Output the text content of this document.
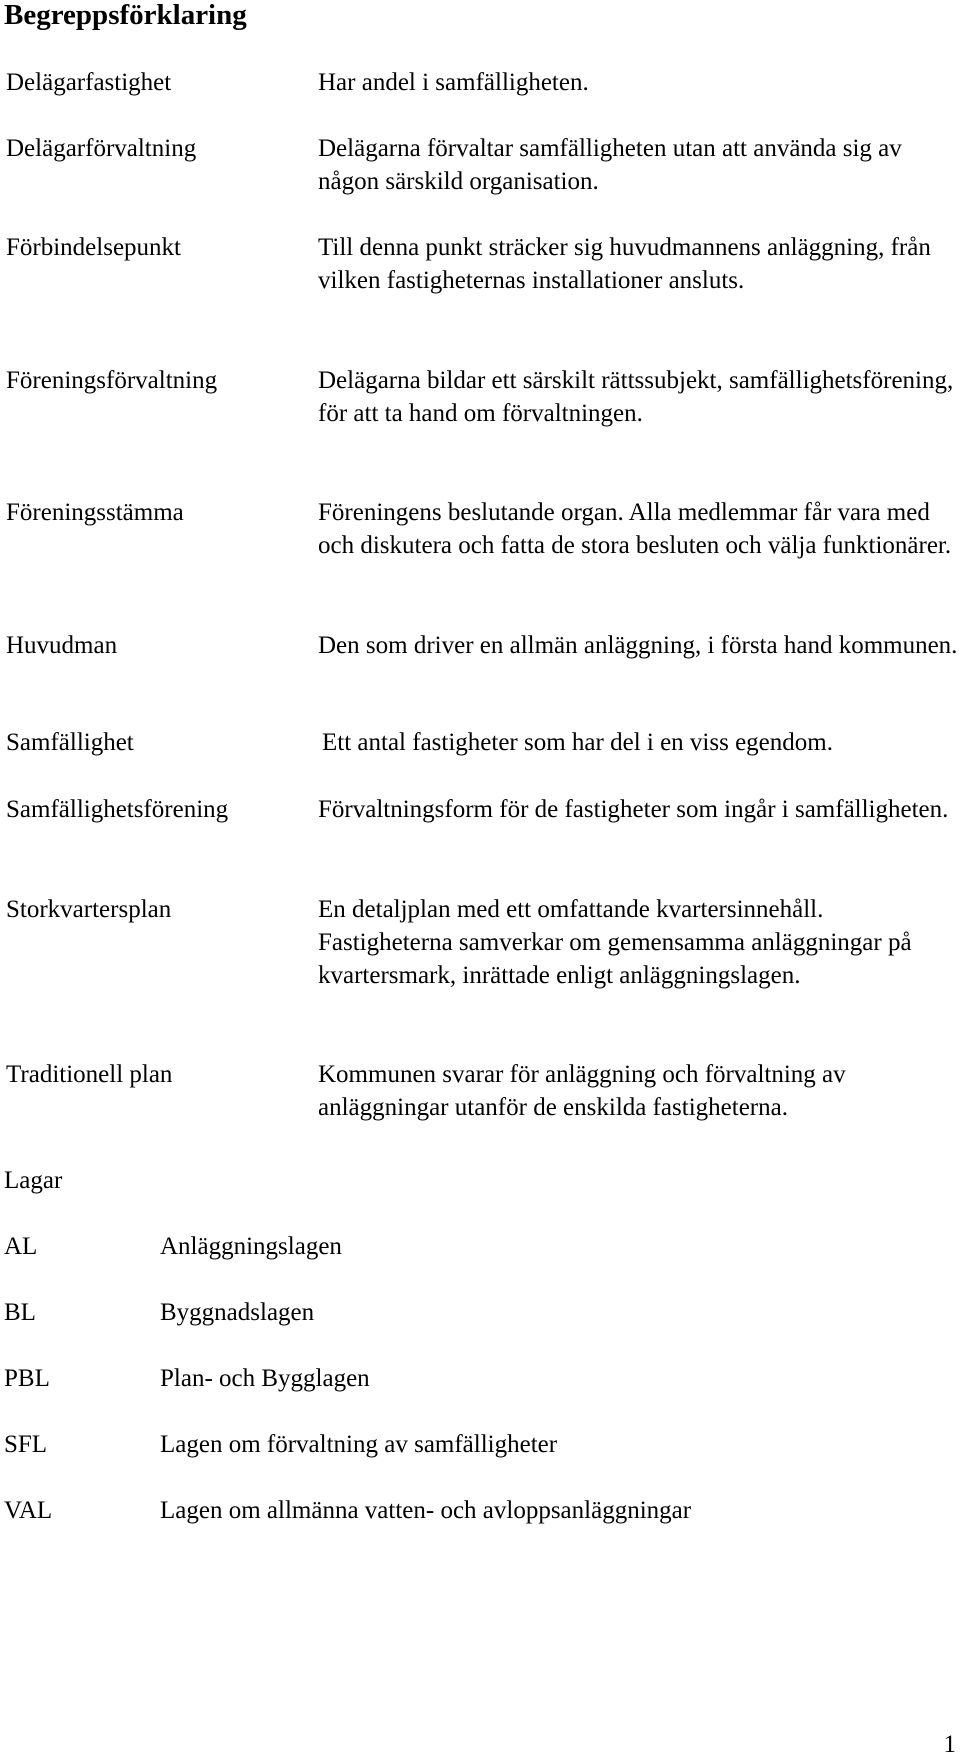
Begreppsförklaring
Delägarfastighet	Har andel i samfälligheten.
Delägarförvaltning	Delägarna förvaltar samfälligheten utan att använda sig av någon särskild organisation.
Förbindelsepunkt	Till denna punkt sträcker sig huvudmannens anläggning, från vilken fastigheternas installationer ansluts.
Föreningsförvaltning	Delägarna bildar ett särskilt rättssubjekt, samfällighetsförening, för att ta hand om förvaltningen.
Föreningsstämma	Föreningens beslutande organ. Alla medlemmar får vara med och diskutera och fatta de stora besluten och välja funktionärer.
Huvudman	Den som driver en allmän anläggning, i första hand kommunen.
Samfällighet	Ett antal fastigheter som har del i en viss egendom.
Samfällighetsförening	Förvaltningsform för de fastigheter som ingår i samfälligheten.
Storkvartersplan	En detaljplan med ett omfattande kvartersinnehåll. Fastigheterna samverkar om gemensamma anläggningar på kvartersmark, inrättade enligt anläggningslagen.
Traditionell plan	Kommunen svarar för anläggning och förvaltning av anläggningar utanför de enskilda fastigheterna.
Lagar
AL	Anläggningslagen
BL	Byggnadslagen
PBL	Plan- och Bygglagen
SFL	Lagen om förvaltning av samfälligheter
VAL	Lagen om allmänna vatten- och avloppsanläggningar
1
